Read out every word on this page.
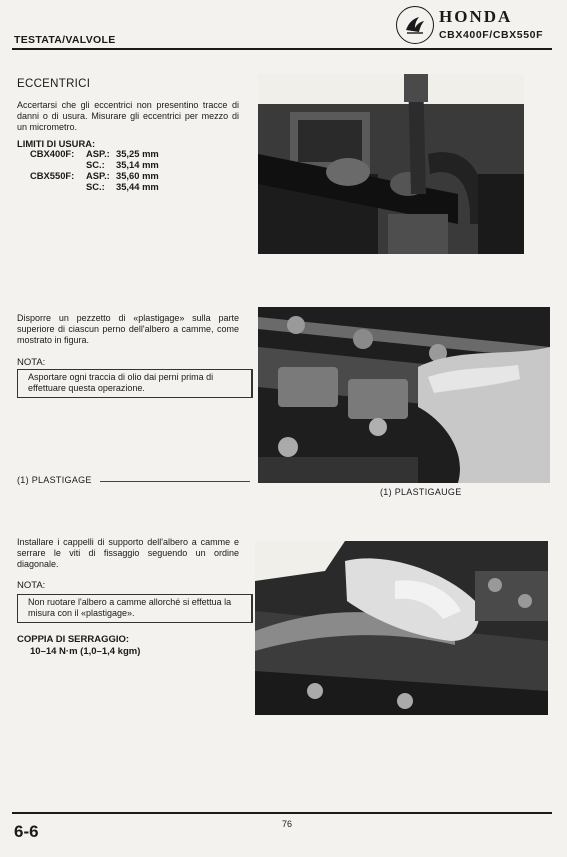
TESTATA/VALVOLE
HONDA
CBX400F/CBX550F

ECCENTRICI
Accertarsi che gli eccentrici non presentino tracce di danni o di usura. Misurare gli eccentrici per mezzo di un micrometro.
LIMITI DI USURA:
CBX400F: ASP.: 35,25 mm
SC.: 35,14 mm
CBX550F: ASP.: 35,60 mm
SC.: 35,44 mm
Disporre un pezzetto di «plastigage» sulla parte superiore di ciascun perno dell'albero a camme, come mostrato in figura.
NOTA:
Asportare ogni traccia di olio dai perni prima di effettuare questa operazione.
(1) PLASTIGAGE
(1) PLASTIGAUGE
Installare i cappelli di supporto dell'albero a camme e serrare le viti di fissaggio seguendo un ordine diagonale.
NOTA:
Non ruotare l'albero a camme allorché si effettua la misura con il «plastigage».
COPPIA DI SERRAGGIO:
10–14 N·m (1,0–1,4 kgm)
6-6	76
